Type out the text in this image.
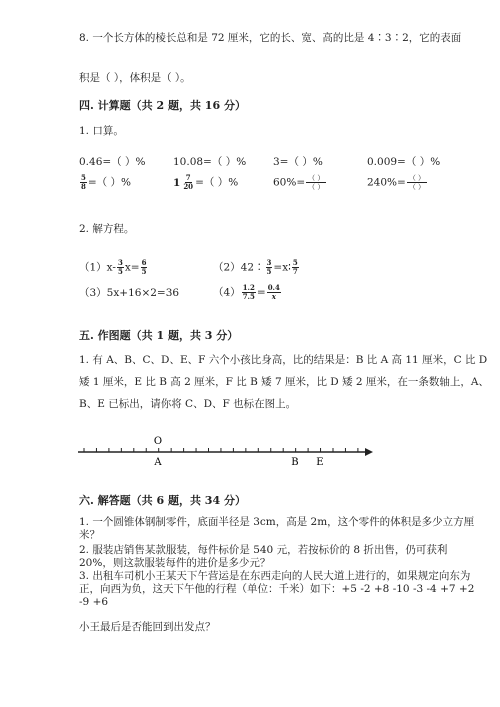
8. 一个长方体的棱长总和是 72 厘米，它的长、宽、高的比是 4∶3∶2，它的表面
积是（ ），体积是（ ）。
四. 计算题（共 2 题，共 16 分）
1. 口算。
0.46=（ ）%	10.08=（ ）%	3=（ ）%	0.009=（ ）%
$\frac{5}{8}$ =（ ）%	$1 \frac{7}{20}$ =（ ）%	$60\%= \frac{( )}{( )}$	$240\%= \frac{( )}{( )}$
2. 解方程。
$(1)x- \frac{3}{5} x= \frac{6}{5}$	（2）42∶ $\frac{3}{5}$ =x∶ $\frac{5}{7}$
（3）5x+16×2=36	$(4) \frac{1.2}{7.5} = \frac{0.4}{x}$
五. 作图题（共 1 题，共 3 分）
1. 有 A、B、C、D、E、F 六个小孩比身高，比的结果是：B 比 A 高 11 厘米，C 比 D 矮 1 厘米，E 比 B 高 2 厘米，F 比 B 矮 7 厘米，比 D 矮 2 厘米，在一条数轴上，A、B、E 已标出，请你将 C、D、F 也标在图上。
O
A	B E
六. 解答题（共 6 题，共 34 分）
1. 一个圆锥体钢制零件，底面半径是 3cm，高是 2m，这个零件的体积是多少立方厘米？
2. 服装店销售某款服装，每件标价是 540 元，若按标价的 8 折出售，仍可获利 20%，则这款服装每件的进价是多少元？
3. 出租车司机小王某天下午营运是在东西走向的人民大道上进行的，如果规定向东为正，向西为负，这天下午他的行程（单位：千米）如下：+5 -2 +8 -10 -3 -4 +7 +2 -9 +6
小王最后是否能回到出发点？
